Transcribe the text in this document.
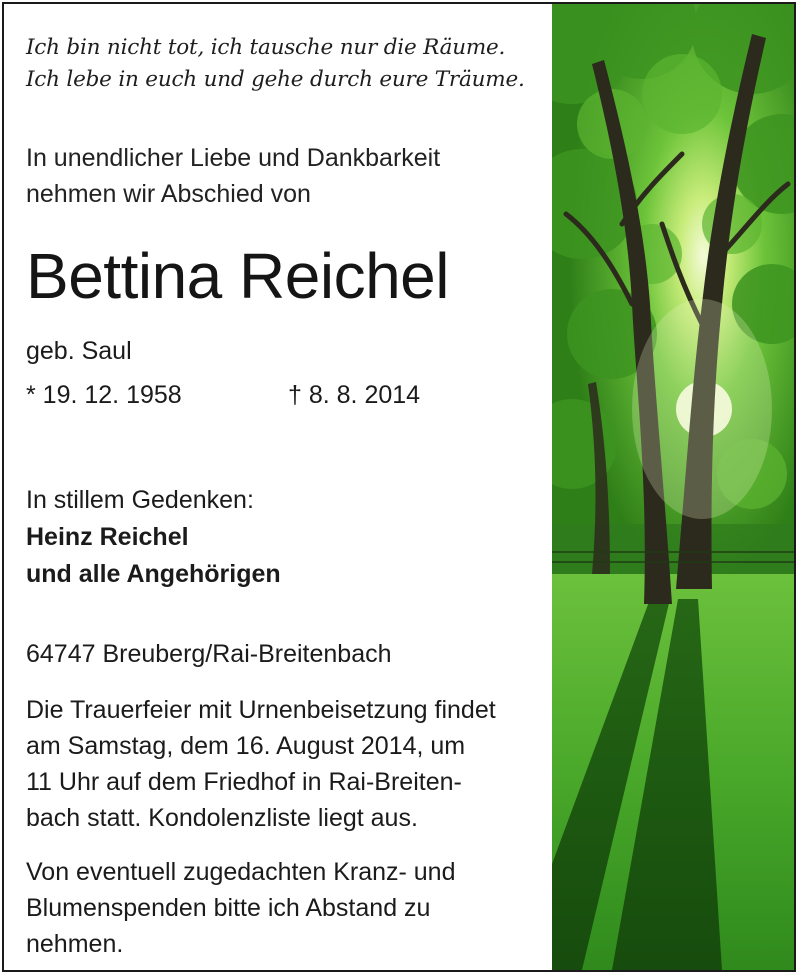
Ich bin nicht tot, ich tausche nur die Räume.
Ich lebe in euch und gehe durch eure Träume.
In unendlicher Liebe und Dankbarkeit
nehmen wir Abschied von
Bettina Reichel
geb. Saul
* 19. 12. 1958	† 8. 8. 2014
In stillem Gedenken:
Heinz Reichel
und alle Angehörigen
64747 Breuberg/Rai-Breitenbach
Die Trauerfeier mit Urnenbeisetzung findet
am Samstag, dem 16. August 2014, um
11 Uhr auf dem Friedhof in Rai-Breiten-
bach statt. Kondolenzliste liegt aus.
Von eventuell zugedachten Kranz- und
Blumenspenden bitte ich Abstand zu
nehmen.
